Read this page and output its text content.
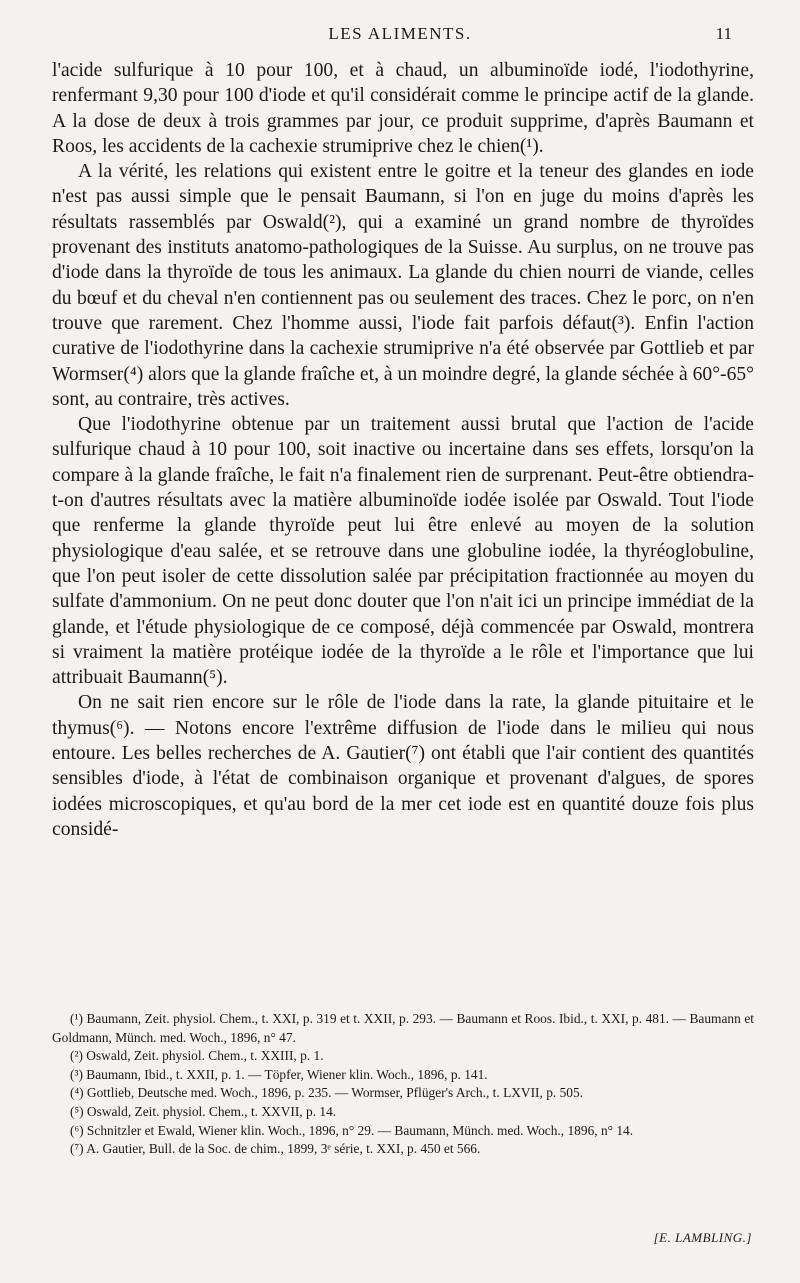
LES ALIMENTS.	11

l'acide sulfurique à 10 pour 100, et à chaud, un albuminoïde iodé, l'iodothyrine, renfermant 9,30 pour 100 d'iode et qu'il considérait comme le principe actif de la glande. A la dose de deux à trois grammes par jour, ce produit supprime, d'après Baumann et Roos, les accidents de la cachexie strumiprive chez le chien(¹).

A la vérité, les relations qui existent entre le goitre et la teneur des glandes en iode n'est pas aussi simple que le pensait Baumann, si l'on en juge du moins d'après les résultats rassemblés par Oswald(²), qui a examiné un grand nombre de thyroïdes provenant des instituts anatomo-pathologiques de la Suisse. Au surplus, on ne trouve pas d'iode dans la thyroïde de tous les animaux. La glande du chien nourri de viande, celles du bœuf et du cheval n'en contiennent pas ou seulement des traces. Chez le porc, on n'en trouve que rarement. Chez l'homme aussi, l'iode fait parfois défaut(³). Enfin l'action curative de l'iodothyrine dans la cachexie strumiprive n'a été observée par Gottlieb et par Wormser(⁴) alors que la glande fraîche et, à un moindre degré, la glande séchée à 60°-65° sont, au contraire, très actives.

Que l'iodothyrine obtenue par un traitement aussi brutal que l'action de l'acide sulfurique chaud à 10 pour 100, soit inactive ou incertaine dans ses effets, lorsqu'on la compare à la glande fraîche, le fait n'a finalement rien de surprenant. Peut-être obtiendra-t-on d'autres résultats avec la matière albuminoïde iodée isolée par Oswald. Tout l'iode que renferme la glande thyroïde peut lui être enlevé au moyen de la solution physiologique d'eau salée, et se retrouve dans une globuline iodée, la thyréoglobuline, que l'on peut isoler de cette dissolution salée par précipitation fractionnée au moyen du sulfate d'ammonium. On ne peut donc douter que l'on n'ait ici un principe immédiat de la glande, et l'étude physiologique de ce composé, déjà commencée par Oswald, montrera si vraiment la matière protéique iodée de la thyroïde a le rôle et l'importance que lui attribuait Baumann(⁵).

On ne sait rien encore sur le rôle de l'iode dans la rate, la glande pituitaire et le thymus(⁶). — Notons encore l'extrême diffusion de l'iode dans le milieu qui nous entoure. Les belles recherches de A. Gautier(⁷) ont établi que l'air contient des quantités sensibles d'iode, à l'état de combinaison organique et provenant d'algues, de spores iodées microscopiques, et qu'au bord de la mer cet iode est en quantité douze fois plus considé-

(¹) Baumann, Zeit. physiol. Chem., t. XXI, p. 319 et t. XXII, p. 293. — Baumann et Roos. Ibid., t. XXI, p. 481. — Baumann et Goldmann, Münch. med. Woch., 1896, n° 47.

(²) Oswald, Zeit. physiol. Chem., t. XXIII, p. 1.

(³) Baumann, Ibid., t. XXII, p. 1. — Töpfer, Wiener klin. Woch., 1896, p. 141.

(⁴) Gottlieb, Deutsche med. Woch., 1896, p. 235. — Wormser, Pflüger's Arch., t. LXVII, p. 505.

(⁵) Oswald, Zeit. physiol. Chem., t. XXVII, p. 14.

(⁶) Schnitzler et Ewald, Wiener klin. Woch., 1896, n° 29. — Baumann, Münch. med. Woch., 1896, n° 14.

(⁷) A. Gautier, Bull. de la Soc. de chim., 1899, 3ᵉ série, t. XXI, p. 450 et 566.

[E. LAMBLING.]
